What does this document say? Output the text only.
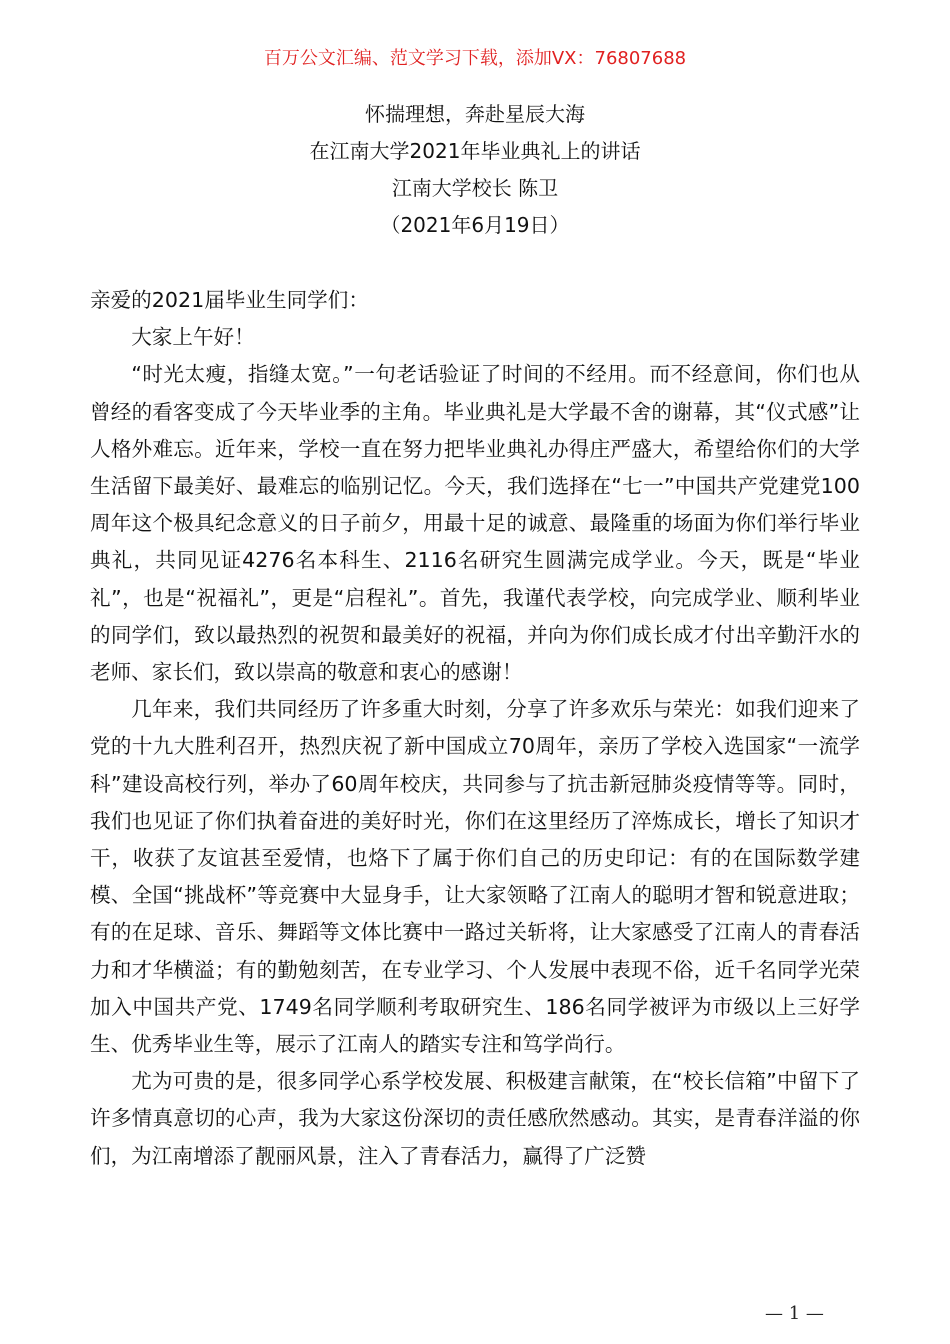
百万公文汇编、范文学习下载，添加VX：76807688
怀揣理想，奔赴星辰大海
在江南大学2021年毕业典礼上的讲话
江南大学校长 陈卫
（2021年6月19日）
亲爱的2021届毕业生同学们：

大家上午好！

“时光太瘦，指缝太宽。”一句老话验证了时间的不经用。而不经意间，你们也从曾经的看客变成了今天毕业季的主角。毕业典礼是大学最不舍的谢幕，其“仪式感”让人格外难忘。近年来，学校一直在努力把毕业典礼办得庄严盛大，希望给你们的大学生活留下最美好、最难忘的临别记忆。今天，我们选择在“七一”中国共产党建党100周年这个极具纪念意义的日子前夕，用最十足的诚意、最隆重的场面为你们举行毕业典礼，共同见证4276名本科生、2116名研究生圆满完成学业。今天，既是“毕业礼”，也是“祝福礼”，更是“启程礼”。首先，我谨代表学校，向完成学业、顺利毕业的同学们，致以最热烈的祝贺和最美好的祝福，并向为你们成长成才付出辛勤汗水的老师、家长们，致以崇高的敬意和衷心的感谢！

几年来，我们共同经历了许多重大时刻，分享了许多欢乐与荣光：如我们迎来了党的十九大胜利召开，热烈庆祝了新中国成立70周年，亲历了学校入选国家“一流学科”建设高校行列，举办了60周年校庆，共同参与了抗击新冠肺炎疫情等等。同时，我们也见证了你们执着奋进的美好时光，你们在这里经历了淬炼成长，增长了知识才干，收获了友谊甚至爱情，也烙下了属于你们自己的历史印记：有的在国际数学建模、全国“挑战杯”等竞赛中大显身手，让大家领略了江南人的聪明才智和锐意进取；有的在足球、音乐、舞蹈等文体比赛中一路过关斩将，让大家感受了江南人的青春活力和才华横溢；有的勤勉刻苦，在专业学习、个人发展中表现不俗，近千名同学光荣加入中国共产党、1749名同学顺利考取研究生、186名同学被评为市级以上三好学生、优秀毕业生等，展示了江南人的踏实专注和笃学尚行。

尤为可贵的是，很多同学心系学校发展、积极建言献策，在“校长信箱”中留下了许多情真意切的心声，我为大家这份深切的责任感欣然感动。其实，是青春洋溢的你们，为江南增添了靓丽风景，注入了青春活力，赢得了广泛赞

— 1 —
